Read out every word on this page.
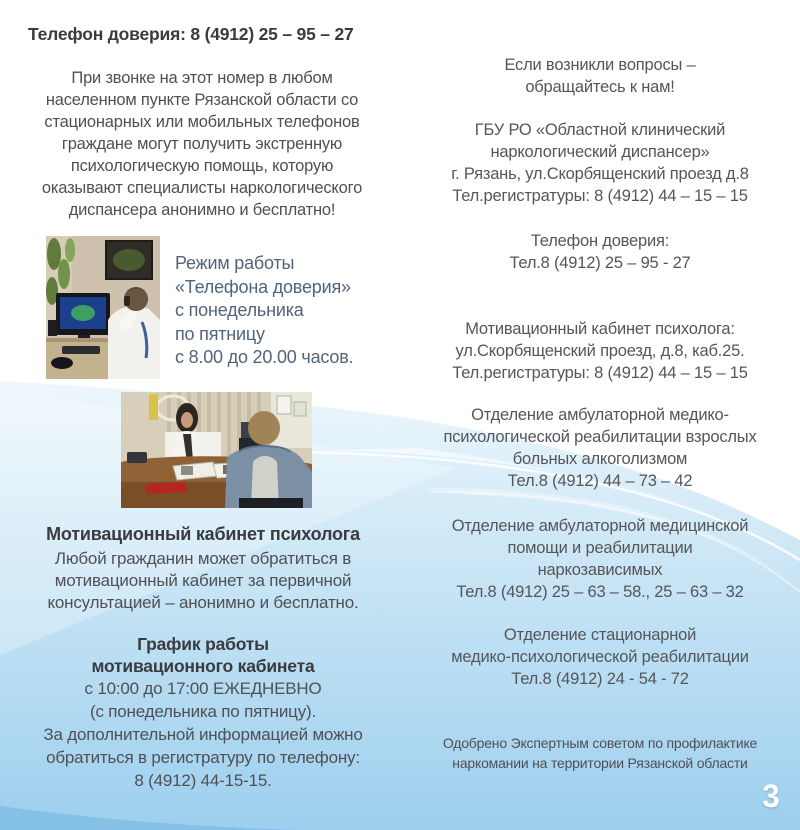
Телефон доверия: 8 (4912) 25 – 95 – 27
При звонке на этот номер в любом
населенном пункте Рязанской области со
стационарных или мобильных телефонов
граждане могут получить экстренную
психологическую помощь, которую
оказывают специалисты наркологического
диспансера анонимно и бесплатно!
Режим работы
«Телефона доверия»
с понедельника
по пятницу
с 8.00 до 20.00 часов.
Мотивационный кабинет психолога
Любой гражданин может обратиться в
мотивационный кабинет за первичной
консультацией – анонимно и бесплатно.
График работы
мотивационного кабинета
с 10:00 до 17:00 ЕЖЕДНЕВНО
(с понедельника по пятницу).
За дополнительной информацией можно
обратиться в регистратуру по телефону:
8 (4912) 44-15-15.
Если возникли вопросы –
обращайтесь к нам!
ГБУ РО «Областной клинический
наркологический диспансер»
г. Рязань, ул.Скорбященский проезд д.8
Тел.регистратуры: 8 (4912) 44 – 15 – 15
Телефон доверия:
Тел.8 (4912) 25 – 95 - 27
Мотивационный кабинет психолога:
ул.Скорбященский проезд, д.8, каб.25.
Тел.регистратуры: 8 (4912) 44 – 15 – 15
Отделение амбулаторной медико-
психологической реабилитации взрослых
больных алкоголизмом
Тел.8 (4912) 44 – 73 – 42
Отделение амбулаторной медицинской
помощи и реабилитации
наркозависимых
Тел.8 (4912) 25 – 63 – 58., 25 – 63 – 32
Отделение стационарной
медико-психологической реабилитации
Тел.8 (4912) 24 - 54 - 72
Одобрено Экспертным советом по профилактике
наркомании на территории Рязанской области
3
